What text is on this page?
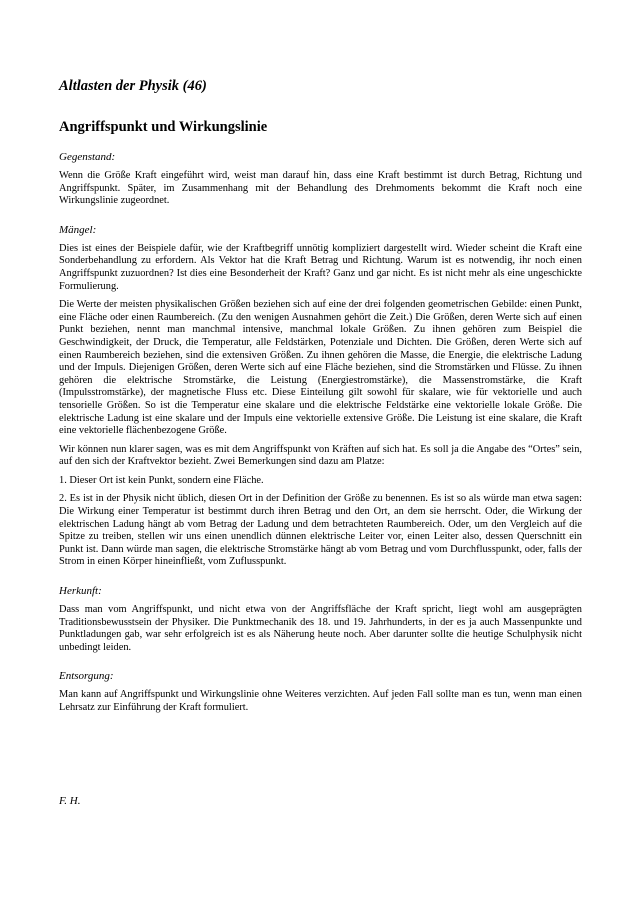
Altlasten der Physik (46)
Angriffspunkt und Wirkungslinie

Gegenstand:

Wenn die Größe Kraft eingeführt wird, weist man darauf hin, dass eine Kraft bestimmt ist durch Betrag, Richtung und Angriffspunkt. Später, im Zusammenhang mit der Behandlung des Drehmoments bekommt die Kraft noch eine Wirkungslinie zugeordnet.

Mängel:

Dies ist eines der Beispiele dafür, wie der Kraftbegriff unnötig kompliziert dargestellt wird. Wieder scheint die Kraft eine Sonderbehandlung zu erfordern. Als Vektor hat die Kraft Betrag und Richtung. Warum ist es notwendig, ihr noch einen Angriffspunkt zuzuordnen? Ist dies eine Besonderheit der Kraft? Ganz und gar nicht. Es ist nicht mehr als eine ungeschickte Formulierung.

Die Werte der meisten physikalischen Größen beziehen sich auf eine der drei folgenden geometrischen Gebilde: einen Punkt, eine Fläche oder einen Raumbereich. (Zu den wenigen Ausnahmen gehört die Zeit.) Die Größen, deren Werte sich auf einen Punkt beziehen, nennt man manchmal intensive, manchmal lokale Größen. Zu ihnen gehören zum Beispiel die Geschwindigkeit, der Druck, die Temperatur, alle Feldstärken, Potenziale und Dichten. Die Größen, deren Werte sich auf einen Raumbereich beziehen, sind die extensiven Größen. Zu ihnen gehören die Masse, die Energie, die elektrische Ladung und der Impuls. Diejenigen Größen, deren Werte sich auf eine Fläche beziehen, sind die Stromstärken und Flüsse. Zu ihnen gehören die elektrische Stromstärke, die Leistung (Energiestromstärke), die Massenstromstärke, die Kraft (Impulsstromstärke), der magnetische Fluss etc. Diese Einteilung gilt sowohl für skalare, wie für vektorielle und auch tensorielle Größen. So ist die Temperatur eine skalare und die elektrische Feldstärke eine vektorielle lokale Größe. Die elektrische Ladung ist eine skalare und der Impuls eine vektorielle extensive Größe. Die Leistung ist eine skalare, die Kraft eine vektorielle flächenbezogene Größe.

Wir können nun klarer sagen, was es mit dem Angriffspunkt von Kräften auf sich hat. Es soll ja die Angabe des “Ortes” sein, auf den sich der Kraftvektor bezieht. Zwei Bemerkungen sind dazu am Platze:

1. Dieser Ort ist kein Punkt, sondern eine Fläche.

2. Es ist in der Physik nicht üblich, diesen Ort in der Definition der Größe zu benennen. Es ist so als würde man etwa sagen: Die Wirkung einer Temperatur ist bestimmt durch ihren Betrag und den Ort, an dem sie herrscht. Oder, die Wirkung der elektrischen Ladung hängt ab vom Betrag der Ladung und dem betrachteten Raumbereich. Oder, um den Vergleich auf die Spitze zu treiben, stellen wir uns einen unendlich dünnen elektrische Leiter vor, einen Leiter also, dessen Querschnitt ein Punkt ist. Dann würde man sagen, die elektrische Stromstärke hängt ab vom Betrag und vom Durchflusspunkt, oder, falls der Strom in einen Körper hineinfließt, vom Zuflusspunkt.

Herkunft:

Dass man vom Angriffspunkt, und nicht etwa von der Angriffsfläche der Kraft spricht, liegt wohl am ausgeprägten Traditionsbewusstsein der Physiker. Die Punktmechanik des 18. und 19. Jahrhunderts, in der es ja auch Massenpunkte und Punktladungen gab, war sehr erfolgreich ist es als Näherung heute noch. Aber darunter sollte die heutige Schulphysik nicht unbedingt leiden.

Entsorgung:

Man kann auf Angriffspunkt und Wirkungslinie ohne Weiteres verzichten. Auf jeden Fall sollte man es tun, wenn man einen Lehrsatz zur Einführung der Kraft formuliert.

F. H.
